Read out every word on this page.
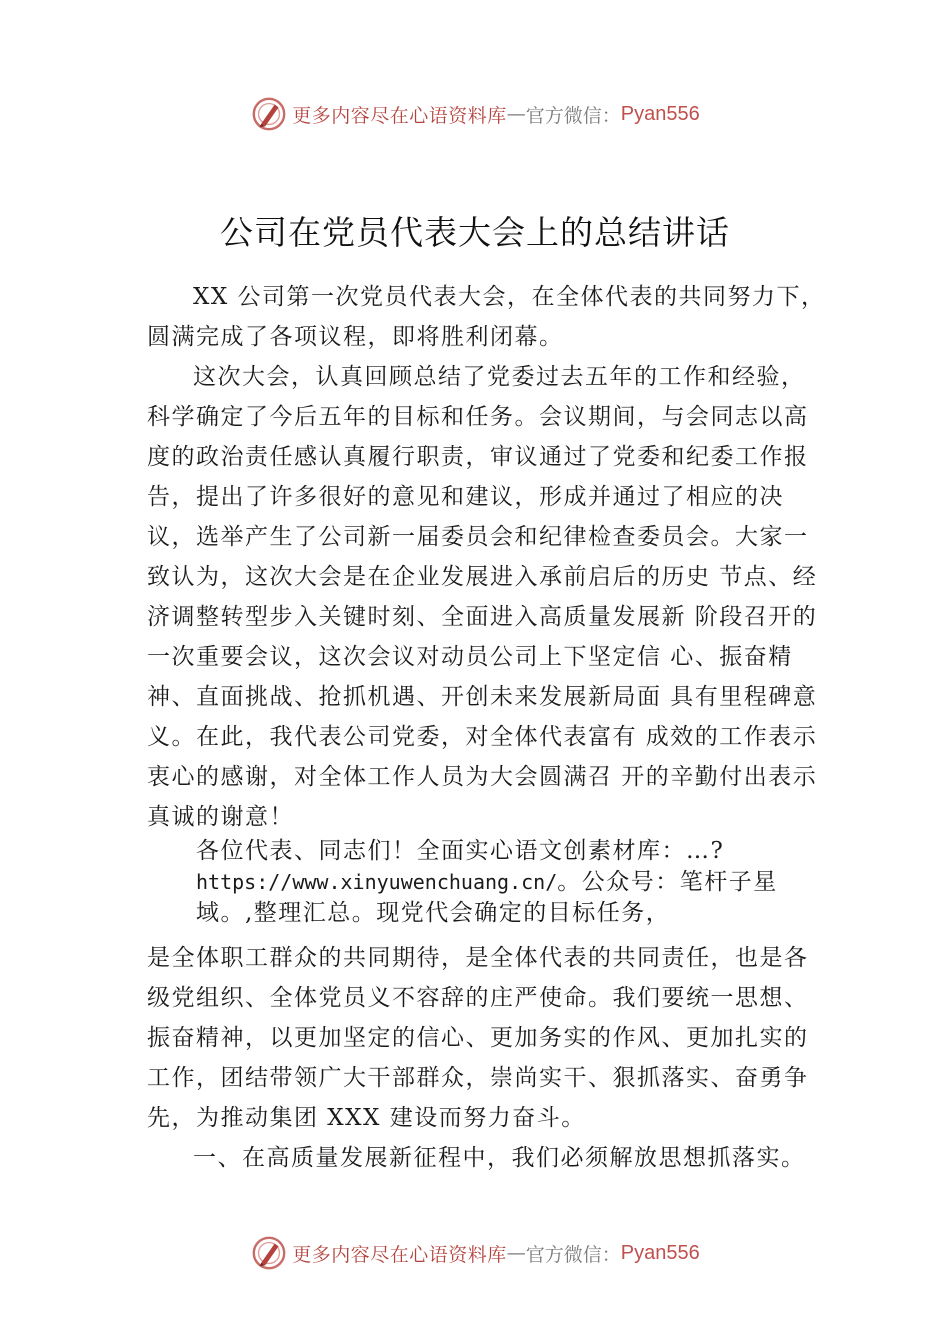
更多内容尽在心语资料库 — 官方微信： Pyan556
公司在党员代表大会上的总结讲话

XX 公司第一次党员代表大会，在全体代表的共同努力下，圆满完成了各项议程，即将胜利闭幕。

这次大会，认真回顾总结了党委过去五年的工作和经验，科学确定了今后五年的目标和任务。会议期间，与会同志以高度的政治责任感认真履行职责，审议通过了党委和纪委工作报告，提出了许多很好的意见和建议，形成并通过了相应的决议，选举产生了公司新一届委员会和纪律检查委员会。大家一致认为，这次大会是在企业发展进入承前启后的历史 节点、经济调整转型步入关键时刻、全面进入高质量发展新 阶段召开的一次重要会议，这次会议对动员公司上下坚定信 心、振奋精神、直面挑战、抢抓机遇、开创未来发展新局面 具有里程碑意义。在此，我代表公司党委，对全体代表富有 成效的工作表示衷心的感谢，对全体工作人员为大会圆满召 开的辛勤付出表示真诚的谢意！

各位代表、同志们！全面实心语文创素材库：…?

https://www.xinyuwenchuang.cn/。公众号：笔杆子星

域。,整理汇总。现党代会确定的目标任务，

是全体职工群众的共同期待，是全体代表的共同责任，也是各级党组织、全体党员义不容辞的庄严使命。我们要统一思想、振奋精神，以更加坚定的信心、更加务实的作风、更加扎实的工作，团结带领广大干部群众，崇尚实干、狠抓落实、奋勇争先，为推动集团 XXX 建设而努力奋斗。

一、在高质量发展新征程中，我们必须解放思想抓落实。

更多内容尽在心语资料库 — 官方微信： Pyan556
